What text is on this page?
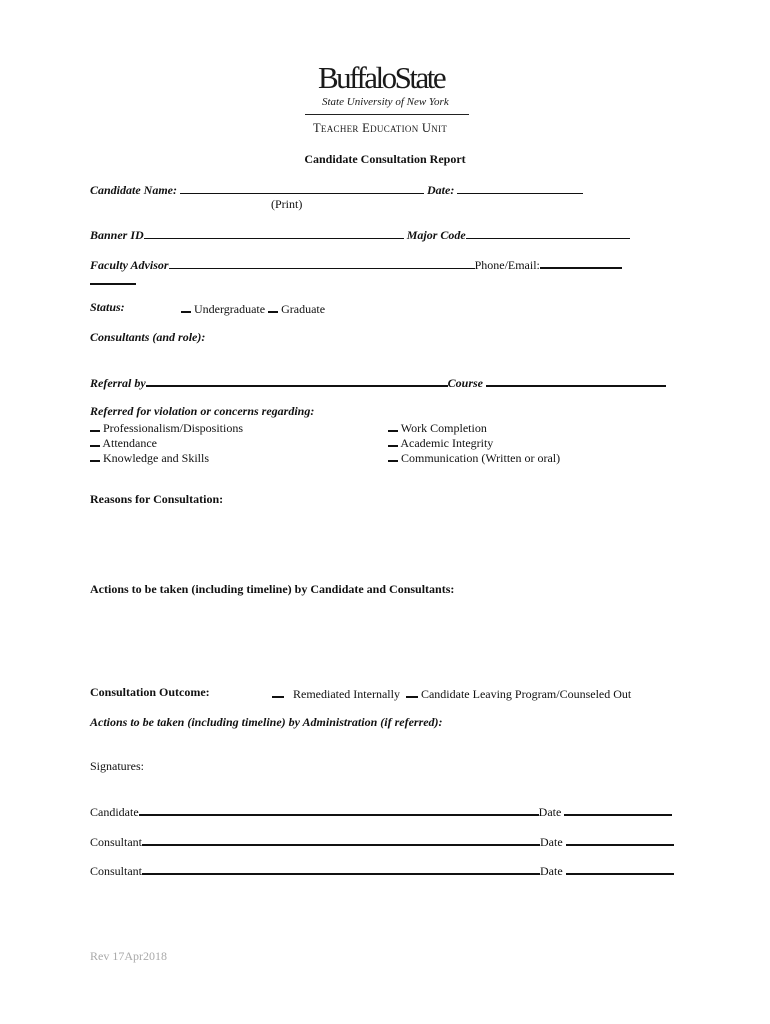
BuffaloState
State University of New York
Teacher Education Unit
Candidate Consultation Report
Candidate Name:	Date:
(Print)
Banner ID	Major Code
Faculty Advisor	Phone/Email:
Status:	Undergraduate Graduate
Consultants (and role):
Referral by	Course
Referred for violation or concerns regarding:
Professionalism/Dispositions
Attendance
Knowledge and Skills
Work Completion
Academic Integrity
Communication (Written or oral)
Reasons for Consultation:
Actions to be taken (including timeline) by Candidate and Consultants:
Consultation Outcome:	Remediated Internally Candidate Leaving Program/Counseled Out
Actions to be taken (including timeline) by Administration (if referred):
Signatures:
Candidate	Date
Consultant	Date
Consultant	Date
Rev 17Apr2018
